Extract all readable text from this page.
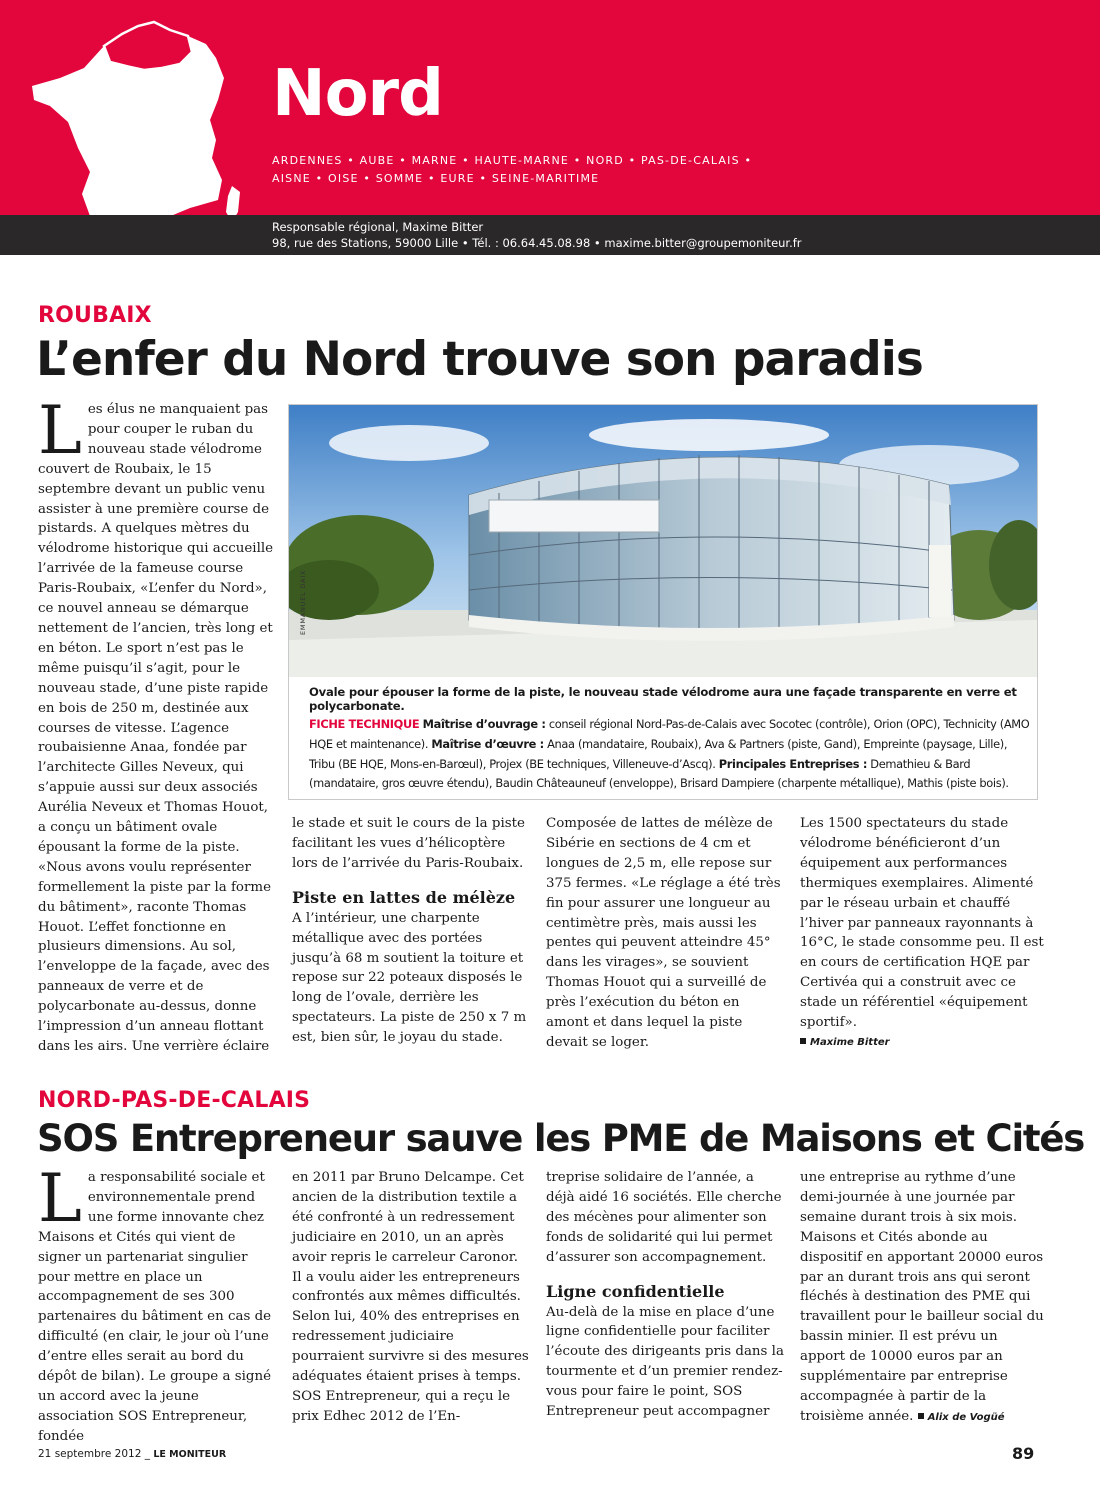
Nord
ARDENNES • AUBE • MARNE • HAUTE-MARNE • NORD • PAS-DE-CALAIS •
AISNE • OISE • SOMME • EURE • SEINE-MARITIME
Responsable régional, Maxime Bitter
98, rue des Stations, 59000 Lille • Tél. : 06.64.45.08.98 • maxime.bitter@groupemoniteur.fr
ROUBAIX
L’enfer du Nord trouve son paradis
L es élus ne manquaient pas pour couper le ruban du nouveau stade vélodrome couvert de Roubaix, le 15 septembre devant un public venu assister à une première course de pistards. A quelques mètres du vélodrome historique qui accueille l’arrivée de la fameuse course Paris-Roubaix, «L’enfer du Nord», ce nouvel anneau se démarque nettement de l’ancien, très long et en béton. Le sport n’est pas le même puisqu’il s’agit, pour le nouveau stade, d’une piste rapide en bois de 250 m, destinée aux courses de vitesse. L’agence roubaisienne Anaa, fondée par l’architecte Gilles Neveux, qui s’appuie aussi sur deux associés Aurélia Neveux et Thomas Houot, a conçu un bâtiment ovale épousant la forme de la piste. «Nous avons voulu représenter formellement la piste par la forme du bâtiment», raconte Thomas Houot. L’effet fonctionne en plusieurs dimensions. Au sol, l’enveloppe de la façade, avec des panneaux de verre et de polycarbonate au-dessus, donne l’impression d’un anneau flottant dans les airs. Une verrière éclaire

EMMANUEL DAIX
Ovale pour épouser la forme de la piste, le nouveau stade vélodrome aura une façade transparente en verre et polycarbonate.
FICHE TECHNIQUE Maîtrise d’ouvrage : conseil régional Nord-Pas-de-Calais avec Socotec (contrôle), Orion (OPC), Technicity (AMO HQE et maintenance). Maîtrise d’œuvre : Anaa (mandataire, Roubaix), Ava & Partners (piste, Gand), Empreinte (paysage, Lille), Tribu (BE HQE, Mons-en-Barœul), Projex (BE techniques, Villeneuve-d’Ascq). Principales Entreprises : Demathieu & Bard (mandataire, gros œuvre étendu), Baudin Châteauneuf (enveloppe), Brisard Dampiere (charpente métallique), Mathis (piste bois).

le stade et suit le cours de la piste facilitant les vues d’hélicoptère lors de l’arrivée du Paris-Roubaix.

Piste en lattes de mélèze

A l’intérieur, une charpente métallique avec des portées jusqu’à 68 m soutient la toiture et repose sur 22 poteaux disposés le long de l’ovale, derrière les spectateurs. La piste de 250 x 7 m est, bien sûr, le joyau du stade.

Composée de lattes de mélèze de Sibérie en sections de 4 cm et longues de 2,5 m, elle repose sur 375 fermes. «Le réglage a été très fin pour assurer une longueur au centimètre près, mais aussi les pentes qui peuvent atteindre 45° dans les virages», se souvient Thomas Houot qui a surveillé de près l’exécution du béton en amont et dans lequel la piste devait se loger.

Les 1500 spectateurs du stade vélodrome bénéficieront d’un équipement aux performances thermiques exemplaires. Alimenté par le réseau urbain et chauffé l’hiver par panneaux rayonnants à 16°C, le stade consomme peu. Il est en cours de certification HQE par Certivéa qui a construit avec ce stade un référentiel «équipement sportif».

Maxime Bitter
NORD-PAS-DE-CALAIS
SOS Entrepreneur sauve les PME de Maisons et Cités
L a responsabilité sociale et environnementale prend une forme innovante chez Maisons et Cités qui vient de signer un partenariat singulier pour mettre en place un accompagnement de ses 300 partenaires du bâtiment en cas de difficulté (en clair, le jour où l’une d’entre elles serait au bord du dépôt de bilan). Le groupe a signé un accord avec la jeune association SOS Entrepreneur, fondée

en 2011 par Bruno Delcampe. Cet ancien de la distribution textile a été confronté à un redressement judiciaire en 2010, un an après avoir repris le carreleur Caronor. Il a voulu aider les entrepreneurs confrontés aux mêmes difficultés. Selon lui, 40% des entreprises en redressement judiciaire pourraient survivre si des mesures adéquates étaient prises à temps. SOS Entrepreneur, qui a reçu le prix Edhec 2012 de l’En-

treprise solidaire de l’année, a déjà aidé 16 sociétés. Elle cherche des mécènes pour alimenter son fonds de solidarité qui lui permet d’assurer son accompagnement.

Ligne confidentielle

Au-delà de la mise en place d’une ligne confidentielle pour faciliter l’écoute des dirigeants pris dans la tourmente et d’un premier rendez-vous pour faire le point, SOS Entrepreneur peut accompagner

une entreprise au rythme d’une demi-journée à une journée par semaine durant trois à six mois. Maisons et Cités abonde au dispositif en apportant 20000 euros par an durant trois ans qui seront fléchés à destination des PME qui travaillent pour le bailleur social du bassin minier. Il est prévu un apport de 10000 euros par an supplémentaire par entreprise accompagnée à partir de la troisième année. Alix de Vogüé

21 septembre 2012 _ LE MONITEUR	89
